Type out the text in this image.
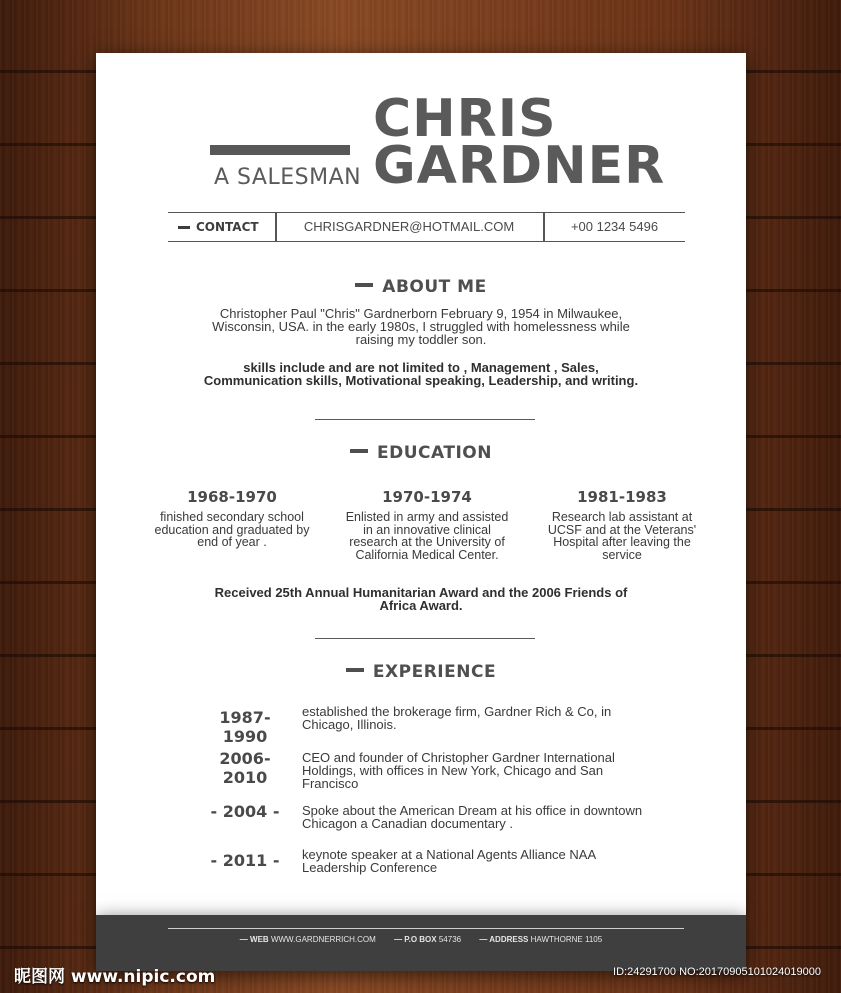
A SALESMAN
CHRIS
GARDNER
CONTACT	CHRISGARDNER@HOTMAIL.COM	+00 1234 5496
ABOUT ME
Christopher Paul "Chris" Gardnerborn February 9, 1954 in Milwaukee,
Wisconsin, USA. in the early 1980s, I struggled with homelessness while
raising my toddler son.
skills include and are not limited to , Management , Sales,
Communication skills, Motivational speaking, Leadership, and writing.
EDUCATION
1968-1970
finished secondary school
education and graduated by
end of year .
1970-1974
Enlisted in army and assisted
in an innovative clinical
research at the University of
California Medical Center.
1981-1983
Research lab assistant at
UCSF and at the Veterans'
Hospital after leaving the
service
Received 25th Annual Humanitarian Award and the 2006 Friends of
Africa Award.
EXPERIENCE
1987-1990
established the brokerage firm, Gardner Rich & Co, in
Chicago, Illinois.
2006-2010
CEO and founder of Christopher Gardner International
Holdings, with offices in New York, Chicago and San
Francisco
- 2004 -	Spoke about the American Dream at his office in downtown
Chicagon a Canadian documentary .
- 2011 -	keynote speaker at a National Agents Alliance NAA
Leadership Conference
— WEB WWW.GARDNERRICH.COM — P.O BOX 54736 — ADDRESS HAWTHORNE 1105
昵图网 www.nipic.com	ID:24291700 NO:20170905101024019000
